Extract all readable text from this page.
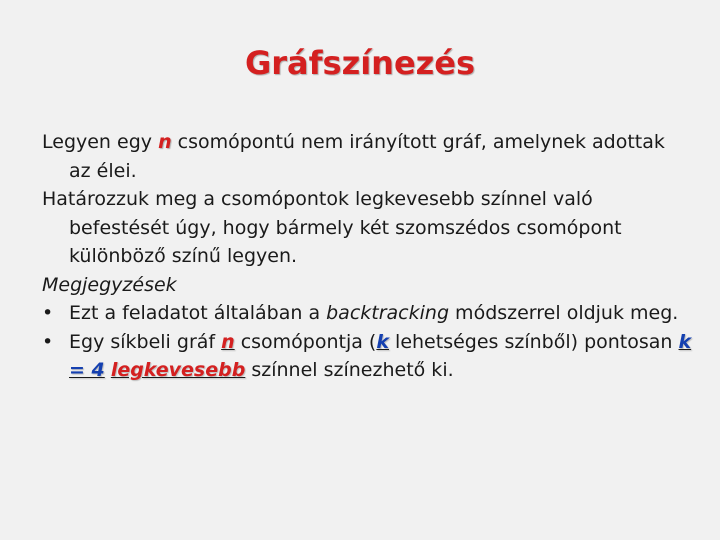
Gráfszínezés

Legyen egy n csomópontú nem irányított gráf, amelynek adottak az élei.

Határozzuk meg a csomópontok legkevesebb színnel való befestését úgy, hogy bármely két szomszédos csomópont különböző színű legyen.

Megjegyzések

• Ezt a feladatot általában a backtracking módszerrel oldjuk meg.
• Egy síkbeli gráf n csomópontja (k lehetséges színből) pontosan k = 4 legkevesebb színnel színezhető ki.
